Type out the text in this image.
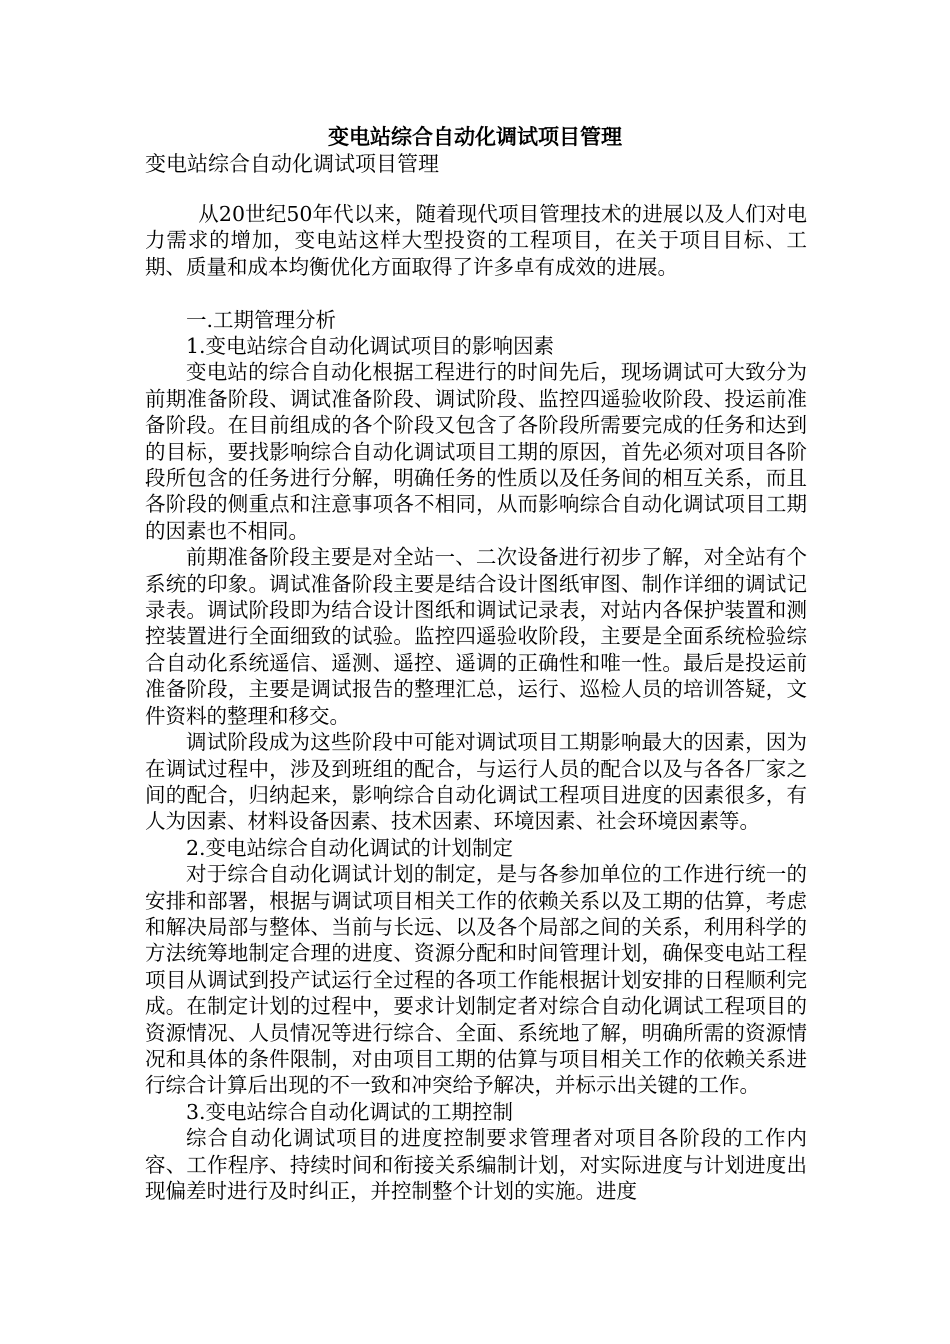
变电站综合自动化调试项目管理
变电站综合自动化调试项目管理

从20世纪50年代以来，随着现代项目管理技术的进展以及人们对电力需求的增加，变电站这样大型投资的工程项目，在关于项目目标、工期、质量和成本均衡优化方面取得了许多卓有成效的进展。

一.工期管理分析

1.变电站综合自动化调试项目的影响因素

变电站的综合自动化根据工程进行的时间先后，现场调试可大致分为前期准备阶段、调试准备阶段、调试阶段、监控四遥验收阶段、投运前准备阶段。在目前组成的各个阶段又包含了各阶段所需要完成的任务和达到的目标，要找影响综合自动化调试项目工期的原因，首先必须对项目各阶段所包含的任务进行分解，明确任务的性质以及任务间的相互关系，而且各阶段的侧重点和注意事项各不相同，从而影响综合自动化调试项目工期的因素也不相同。

前期准备阶段主要是对全站一、二次设备进行初步了解，对全站有个系统的印象。调试准备阶段主要是结合设计图纸审图、制作详细的调试记录表。调试阶段即为结合设计图纸和调试记录表，对站内各保护装置和测控装置进行全面细致的试验。监控四遥验收阶段，主要是全面系统检验综合自动化系统遥信、遥测、遥控、遥调的正确性和唯一性。最后是投运前准备阶段，主要是调试报告的整理汇总，运行、巡检人员的培训答疑，文件资料的整理和移交。

调试阶段成为这些阶段中可能对调试项目工期影响最大的因素，因为在调试过程中，涉及到班组的配合，与运行人员的配合以及与各各厂家之间的配合，归纳起来，影响综合自动化调试工程项目进度的因素很多，有人为因素、材料设备因素、技术因素、环境因素、社会环境因素等。

2.变电站综合自动化调试的计划制定

对于综合自动化调试计划的制定，是与各参加单位的工作进行统一的安排和部署，根据与调试项目相关工作的依赖关系以及工期的估算，考虑和解决局部与整体、当前与长远、以及各个局部之间的关系，利用科学的方法统筹地制定合理的进度、资源分配和时间管理计划，确保变电站工程项目从调试到投产试运行全过程的各项工作能根据计划安排的日程顺利完成。在制定计划的过程中，要求计划制定者对综合自动化调试工程项目的资源情况、人员情况等进行综合、全面、系统地了解，明确所需的资源情况和具体的条件限制，对由项目工期的估算与项目相关工作的依赖关系进行综合计算后出现的不一致和冲突给予解决，并标示出关键的工作。

3.变电站综合自动化调试的工期控制

综合自动化调试项目的进度控制要求管理者对项目各阶段的工作内容、工作程序、持续时间和衔接关系编制计划，对实际进度与计划进度出现偏差时进行及时纠正，并控制整个计划的实施。进度
